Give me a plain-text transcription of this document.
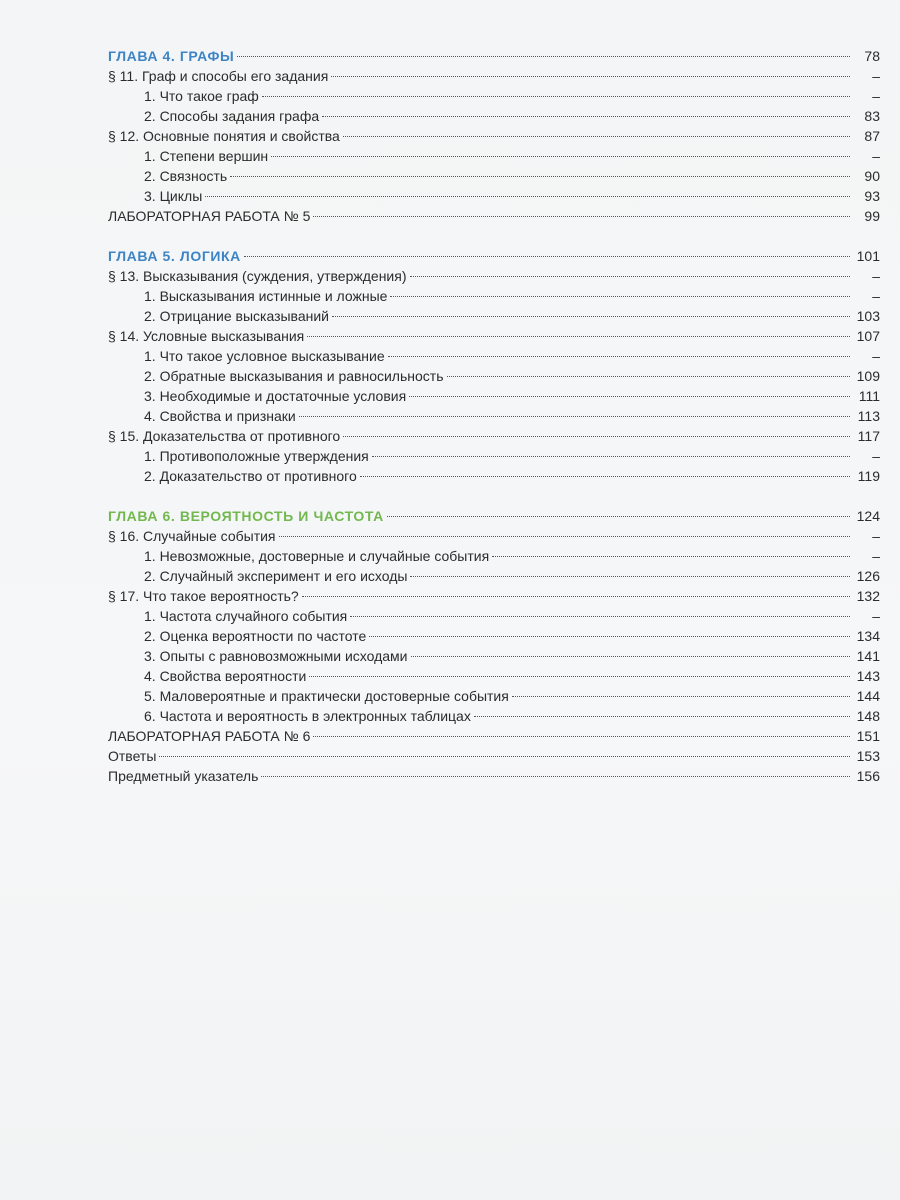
ГЛАВА 4. ГРАФЫ	78
§ 11. Граф и способы его задания	–
1. Что такое граф	–
2. Способы задания графа	83
§ 12. Основные понятия и свойства	87
1. Степени вершин	–
2. Связность	90
3. Циклы	93
ЛАБОРАТОРНАЯ РАБОТА № 5	99
ГЛАВА 5. ЛОГИКА	101
§ 13. Высказывания (суждения, утверждения)	–
1. Высказывания истинные и ложные	–
2. Отрицание высказываний	103
§ 14. Условные высказывания	107
1. Что такое условное высказывание	–
2. Обратные высказывания и равносильность	109
3. Необходимые и достаточные условия	111
4. Свойства и признаки	113
§ 15. Доказательства от противного	117
1. Противоположные утверждения	–
2. Доказательство от противного	119
ГЛАВА 6. ВЕРОЯТНОСТЬ И ЧАСТОТА	124
§ 16. Случайные события	–
1. Невозможные, достоверные и случайные события	–
2. Случайный эксперимент и его исходы	126
§ 17. Что такое вероятность?	132
1. Частота случайного события	–
2. Оценка вероятности по частоте	134
3. Опыты с равновозможными исходами	141
4. Свойства вероятности	143
5. Маловероятные и практически достоверные события	144
6. Частота и вероятность в электронных таблицах	148
ЛАБОРАТОРНАЯ РАБОТА № 6	151
Ответы	153
Предметный указатель	156
